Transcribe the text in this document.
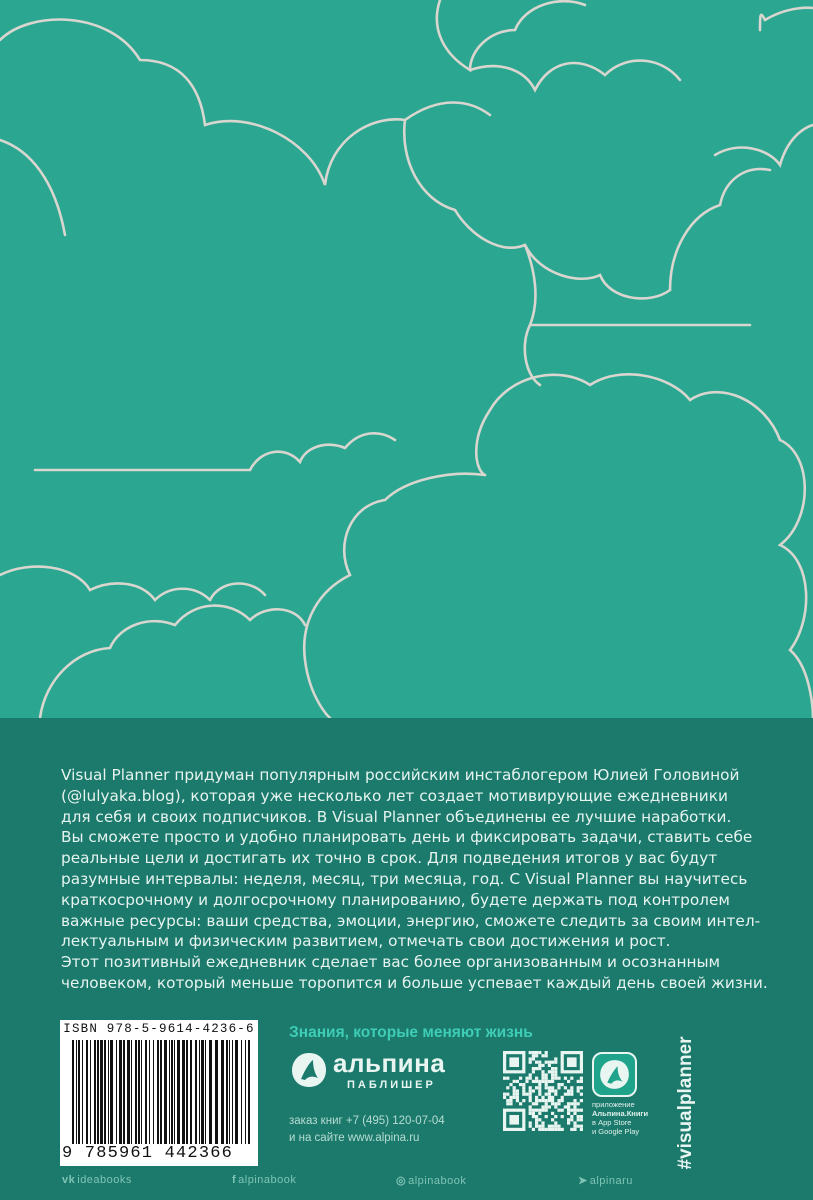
Visual Planner придуман популярным российским инстаблогером Юлией Головиной
(@lulyaka.blog), которая уже несколько лет создает мотивирующие ежедневники
для себя и своих подписчиков. В Visual Planner объединены ее лучшие наработки.
Вы сможете просто и удобно планировать день и фиксировать задачи, ставить себе
реальные цели и достигать их точно в срок. Для подведения итогов у вас будут
разумные интервалы: неделя, месяц, три месяца, год. С Visual Planner вы научитесь
краткосрочному и долгосрочному планированию, будете держать под контролем
важные ресурсы: ваши средства, эмоции, энергию, сможете следить за своим интел-
лектуальным и физическим развитием, отмечать свои достижения и рост.
Этот позитивный ежедневник сделает вас более организованным и осознанным
человеком, который меньше торопится и больше успевает каждый день своей жизни.
ISBN 978-5-9614-4236-6
9 785961 442366
Знания, которые меняют жизнь
альпина
ПАБЛИШЕР
заказ книг +7 (495) 120-07-04
и на сайте www.alpina.ru
приложение
Альпина.Книги
в App Store
и Google Play	#visualplanner
vk ideabooks	f alpinabook	◎ alpinabook	➤ alpinaru
